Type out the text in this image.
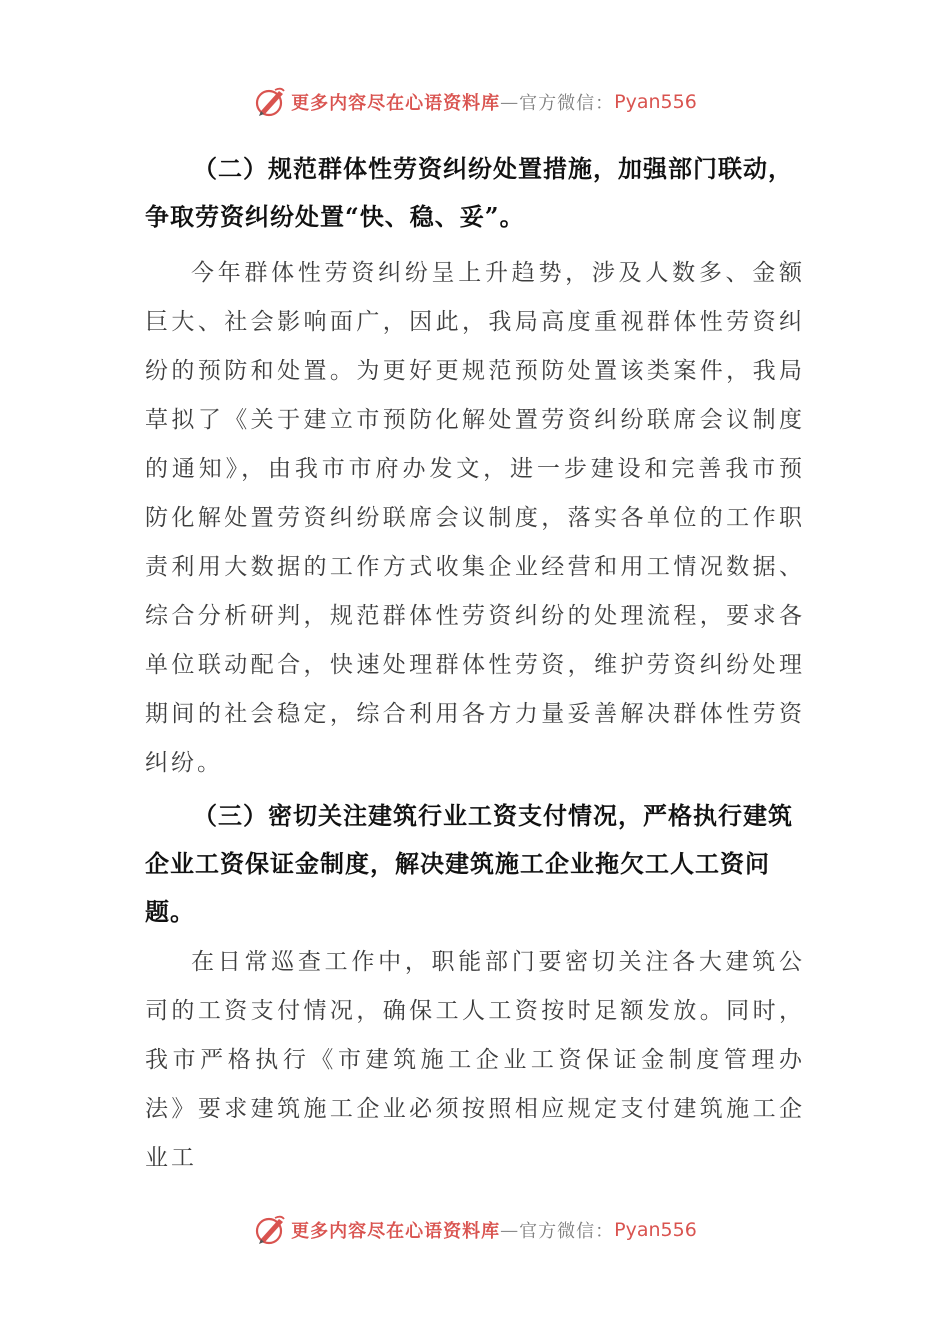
更多内容尽在心语资料库 — 官方微信： Pyan556
（二）规范群体性劳资纠纷处置措施，加强部门联动，争取劳资纠纷处置“快、稳、妥”。

今年群体性劳资纠纷呈上升趋势，涉及人数多、金额巨大、社会影响面广，因此，我局高度重视群体性劳资纠纷的预防和处置。为更好更规范预防处置该类案件，我局草拟了《关于建立市预防化解处置劳资纠纷联席会议制度的通知》，由我市市府办发文，进一步建设和完善我市预防化解处置劳资纠纷联席会议制度，落实各单位的工作职责利用大数据的工作方式收集企业经营和用工情况数据、综合分析研判，规范群体性劳资纠纷的处理流程，要求各单位联动配合，快速处理群体性劳资，维护劳资纠纷处理期间的社会稳定，综合利用各方力量妥善解决群体性劳资纠纷。

（三）密切关注建筑行业工资支付情况，严格执行建筑企业工资保证金制度，解决建筑施工企业拖欠工人工资问题。

在日常巡查工作中，职能部门要密切关注各大建筑公司的工资支付情况，确保工人工资按时足额发放。同时，我市严格执行《市建筑施工企业工资保证金制度管理办法》要求建筑施工企业必须按照相应规定支付建筑施工企业工

更多内容尽在心语资料库 — 官方微信： Pyan556
